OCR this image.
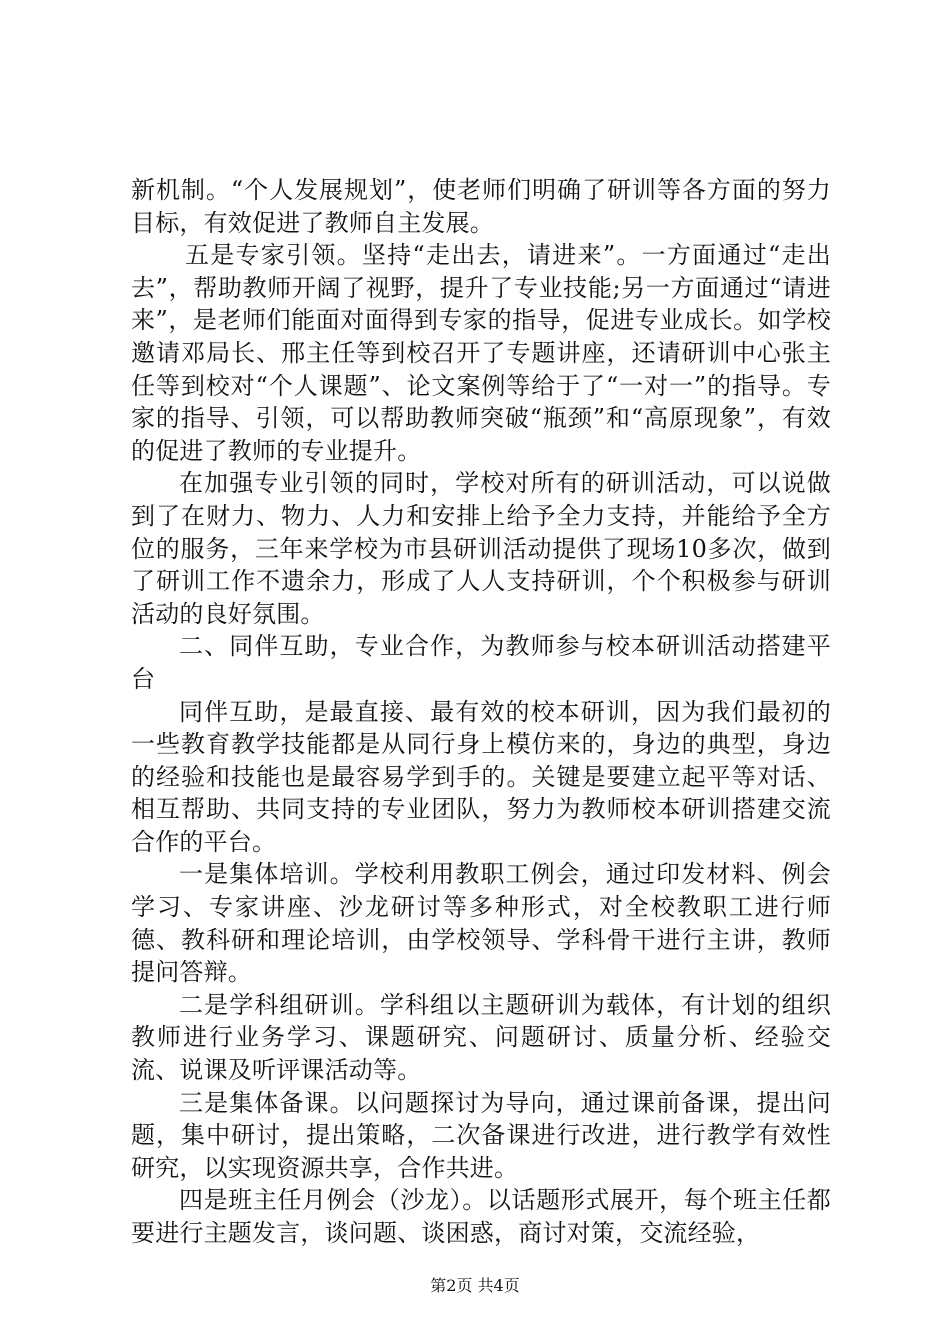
新机制。“个人发展规划”，使老师们明确了研训等各方面的努力目标，有效促进了教师自主发展。

五是专家引领。坚持“走出去，请进来”。一方面通过“走出去”，帮助教师开阔了视野，提升了专业技能;另一方面通过“请进来”，是老师们能面对面得到专家的指导，促进专业成长。如学校邀请邓局长、邢主任等到校召开了专题讲座，还请研训中心张主任等到校对“个人课题”、论文案例等给于了“一对一”的指导。专家的指导、引领，可以帮助教师突破“瓶颈”和“高原现象”，有效的促进了教师的专业提升。

在加强专业引领的同时，学校对所有的研训活动，可以说做到了在财力、物力、人力和安排上给予全力支持，并能给予全方位的服务，三年来学校为市县研训活动提供了现场10多次，做到了研训工作不遗余力，形成了人人支持研训，个个积极参与研训活动的良好氛围。

二、同伴互助，专业合作，为教师参与校本研训活动搭建平台

同伴互助，是最直接、最有效的校本研训，因为我们最初的一些教育教学技能都是从同行身上模仿来的，身边的典型，身边的经验和技能也是最容易学到手的。关键是要建立起平等对话、相互帮助、共同支持的专业团队，努力为教师校本研训搭建交流合作的平台。

一是集体培训。学校利用教职工例会，通过印发材料、例会学习、专家讲座、沙龙研讨等多种形式，对全校教职工进行师德、教科研和理论培训，由学校领导、学科骨干进行主讲，教师提问答辩。

二是学科组研训。学科组以主题研训为载体，有计划的组织教师进行业务学习、课题研究、问题研讨、质量分析、经验交流、说课及听评课活动等。

三是集体备课。以问题探讨为导向，通过课前备课，提出问题，集中研讨，提出策略，二次备课进行改进，进行教学有效性研究，以实现资源共享，合作共进。

四是班主任月例会（沙龙）。以话题形式展开，每个班主任都要进行主题发言，谈问题、谈困惑，商讨对策，交流经验，

第2页 共4页
